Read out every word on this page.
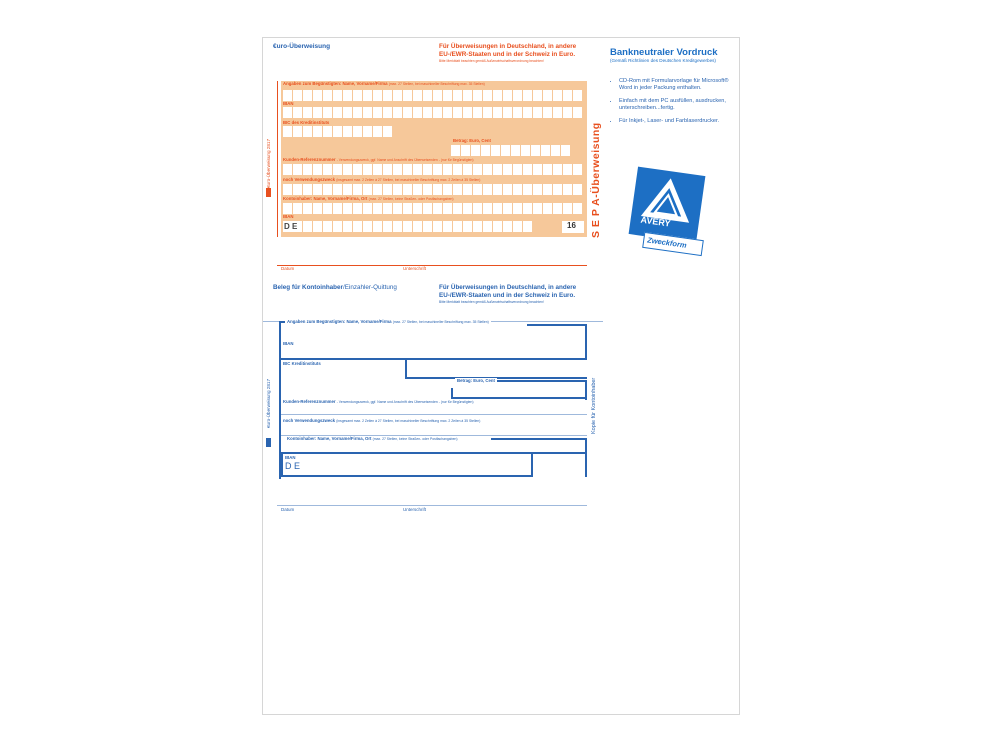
€uro-Überweisung	Für Überweisungen in Deutschland, in andere
EU-/EWR-Staaten und in der Schweiz in Euro.
Bitte Merkblatt beachten gemäß Außenwirtschaftsverordnung beachten!
Angaben zum Begünstigten: Name, Vorname/Firma (max. 27 Stellen, bei maschineller Beschriftung max. 35 Stellen)
IBAN
BIC des Kreditinstituts
Betrag: Euro, Cent
Kunden-Referenznummer - Verwendungszweck, ggf. Name und Anschrift des Überweisenden - (nur für Begünstigten)
noch Verwendungszweck (insgesamt max. 2 Zeilen à 27 Stellen, bei maschineller Beschriftung max. 2 Zeilen à 35 Stellen)
Kontoinhaber: Name, Vorname/Firma, Ort (max. 27 Stellen, keine Straßen- oder Postfachangaben)
IBAN
D E	16 S E P A-Überweisung
€uro-Überweisung 2817
Datum	Unterschrift
Bankneutraler Vordruck
(Gemäß Richtlinien des Deutschen Kreditgewerbes)
• CD-Rom mit Formularvorlage für Microsoft® Word in jeder Packung enthalten.
• Einfach mit dem PC ausfüllen, ausdrucken, unterschreiben...fertig.
• Für Inkjet-, Laser- und Farblaserdrucker.
AVERY
Zweckform
Beleg für Kontoinhaber/Einzahler-Quittung	Für Überweisungen in Deutschland, in andere
EU-/EWR-Staaten und in der Schweiz in Euro.
Bitte Merkblatt beachten gemäß Außenwirtschaftsverordnung beachten!
Angaben zum Begünstigten: Name, Vorname/Firma (max. 27 Stellen, bei maschineller Beschriftung max. 35 Stellen)
IBAN
BIC Kreditinstituts
Betrag: Euro, Cent
Kunden-Referenznummer - Verwendungszweck, ggf. Name und Anschrift des Überweisenden - (nur für Begünstigten)
noch Verwendungszweck (insgesamt max. 2 Zeilen à 27 Stellen, bei maschineller Beschriftung max. 2 Zeilen à 35 Stellen)
Kontoinhaber: Name, Vorname/Firma, Ort (max. 27 Stellen, keine Straßen- oder Postfachangaben)
IBAN
D E
Kopie für Kontoinhaber
€uro-Überweisung 2817
Datum	Unterschrift
